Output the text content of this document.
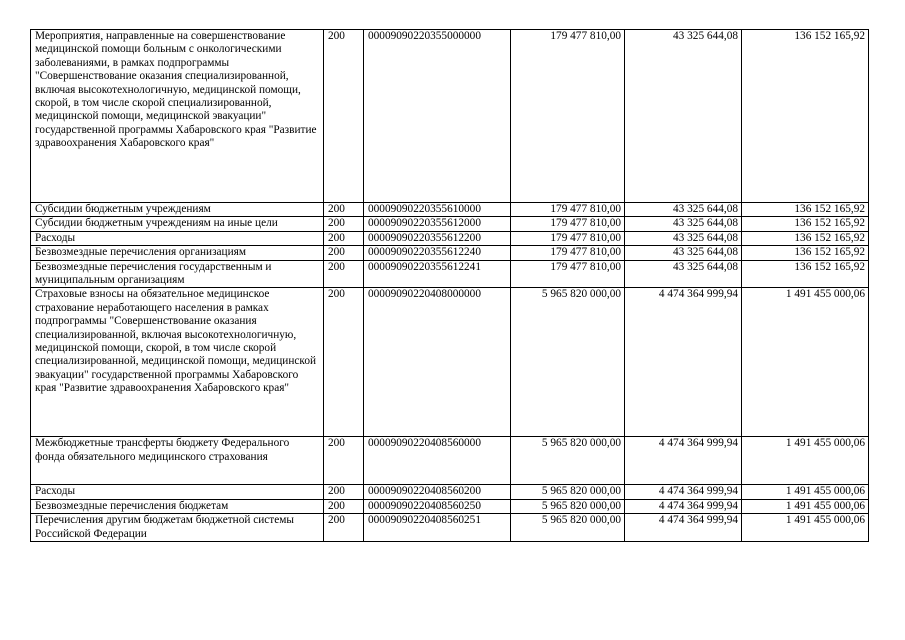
Мероприятия, направленные на совершенствование медицинской помощи больным с онкологическими заболеваниями, в рамках подпрограммы "Совершенствование оказания специализированной, включая высокотехнологичную, медицинской помощи, скорой, в том числе скорой специализированной, медицинской помощи, медицинской эвакуации" государственной программы Хабаровского края "Развитие здравоохранения Хабаровского края"	200	00009090220355000000	179 477 810,00	43 325 644,08	136 152 165,92
Субсидии бюджетным учреждениям	200	00009090220355610000	179 477 810,00	43 325 644,08	136 152 165,92
Субсидии бюджетным учреждениям на иные цели	200	00009090220355612000	179 477 810,00	43 325 644,08	136 152 165,92
Расходы	200	00009090220355612200	179 477 810,00	43 325 644,08	136 152 165,92
Безвозмездные перечисления организациям	200	00009090220355612240	179 477 810,00	43 325 644,08	136 152 165,92
Безвозмездные перечисления государственным и муниципальным организациям	200	00009090220355612241	179 477 810,00	43 325 644,08	136 152 165,92
Страховые взносы на обязательное медицинское страхование неработающего населения в рамках подпрограммы "Совершенствование оказания специализированной, включая высокотехнологичную, медицинской помощи, скорой, в том числе скорой специализированной, медицинской помощи, медицинской эвакуации" государственной программы Хабаровского края "Развитие здравоохранения Хабаровского края"	200	00009090220408000000	5 965 820 000,00	4 474 364 999,94	1 491 455 000,06
Межбюджетные трансферты бюджету Федерального фонда обязательного медицинского страхования	200	00009090220408560000	5 965 820 000,00	4 474 364 999,94	1 491 455 000,06
Расходы	200	00009090220408560200	5 965 820 000,00	4 474 364 999,94	1 491 455 000,06
Безвозмездные перечисления бюджетам	200	00009090220408560250	5 965 820 000,00	4 474 364 999,94	1 491 455 000,06
Перечисления другим бюджетам бюджетной системы Российской Федерации	200	00009090220408560251	5 965 820 000,00	4 474 364 999,94	1 491 455 000,06
